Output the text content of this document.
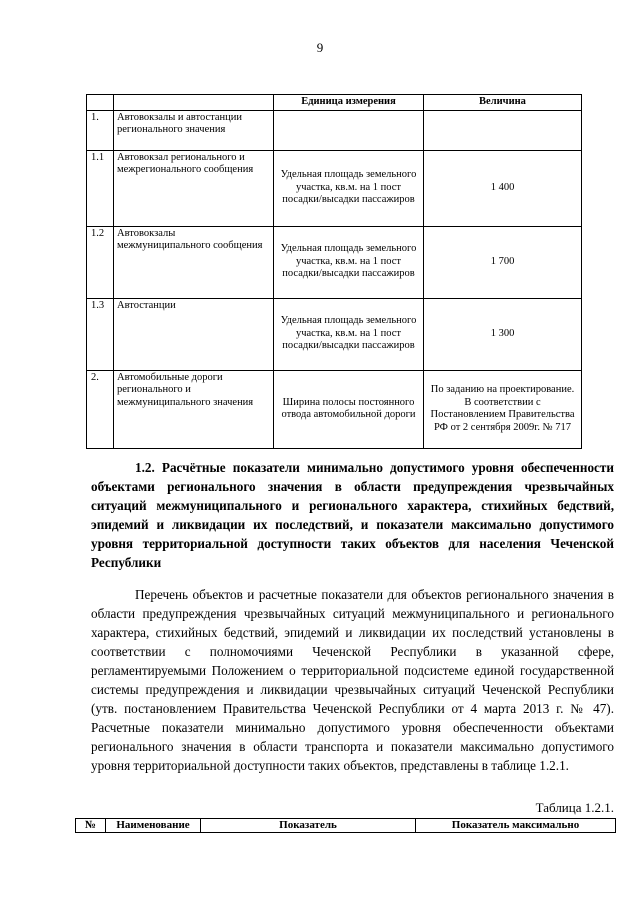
9
		Единица измерения	Величина
1.	Автовокзалы и автостанции регионального значения		
1.1	Автовокзал регионального и межрегионального сообщения	Удельная площадь земельного участка, кв.м. на 1 пост посадки/высадки пассажиров	1 400
1.2	Автовокзалы межмуниципального сообщения	Удельная площадь земельного участка, кв.м. на 1 пост посадки/высадки пассажиров	1 700
1.3	Автостанции	Удельная площадь земельного участка, кв.м. на 1 пост посадки/высадки пассажиров	1 300
2.	Автомобильные дороги регионального и межмуниципального значения	Ширина полосы постоянного отвода автомобильной дороги	По заданию на проектирование. В соответствии с Постановлением Правительства РФ от 2 сентября 2009г. № 717
1.2. Расчётные показатели минимально допустимого уровня обеспеченности объектами регионального значения в области предупреждения чрезвычайных ситуаций межмуниципального и регионального характера, стихийных бедствий, эпидемий и ликвидации их последствий, и показатели максимально допустимого уровня территориальной доступности таких объектов для населения Чеченской Республики
Перечень объектов и расчетные показатели для объектов регионального значения в области предупреждения чрезвычайных ситуаций межмуниципального и регионального характера, стихийных бедствий, эпидемий и ликвидации их последствий установлены в соответствии с полномочиями Чеченской Республики в указанной сфере, регламентируемыми Положением о территориальной подсистеме единой государственной системы предупреждения и ликвидации чрезвычайных ситуаций Чеченской Республики (утв. постановлением Правительства Чеченской Республики от 4 марта 2013 г. № 47). Расчетные показатели минимально допустимого уровня обеспеченности объектами регионального значения в области транспорта и показатели максимально допустимого уровня территориальной доступности таких объектов, представлены в таблице 1.2.1.
Таблица 1.2.1.
№	Наименование	Показатель	Показатель максимально
